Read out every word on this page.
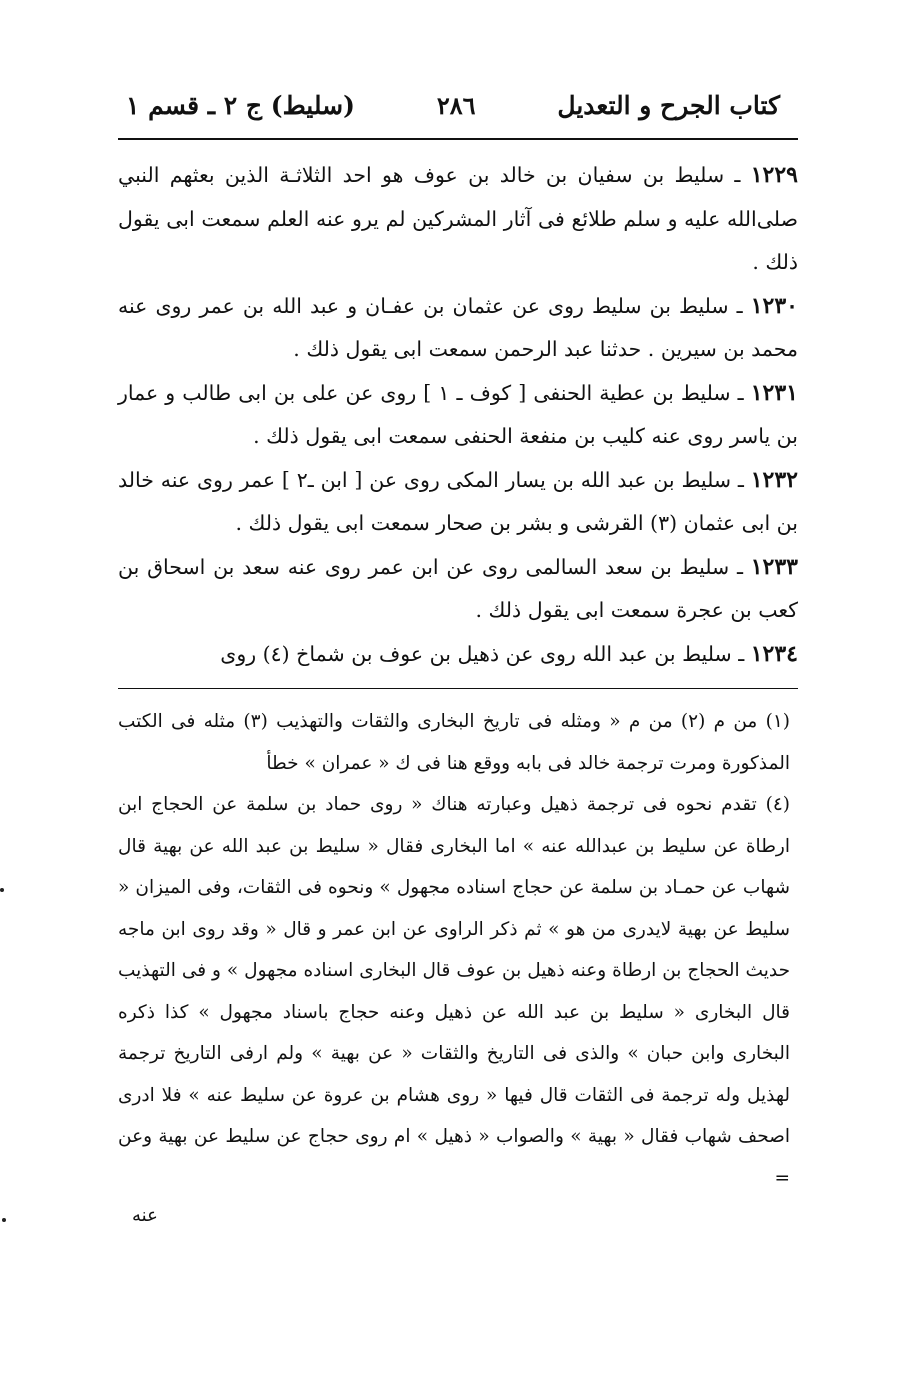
كتاب الجرح و التعديل
٢٨٦
(سليط) ج ٢ ـ قسم ١

١٢٢٩ ـ سليط بن سفيان بن خالد بن عوف هو احد الثلاثـة الذين بعثهم النبي صلى‌الله عليه و سلم طلائع فى آثار المشركين لم يرو عنه العلم سمعت ابى يقول ذلك .

١٢٣٠ ـ سليط بن سليط روى عن عثمان بن عفـان و عبد الله بن عمر روى عنه محمد بن سيرين . حدثنا عبد الرحمن سمعت ابى يقول ذلك .

١٢٣١ ـ سليط بن عطية الحنفى [ كوف ـ ١ ] روى عن على بن ابى طالب و عمار بن ياسر روى عنه كليب بن منفعة الحنفى سمعت ابى يقول ذلك .

١٢٣٢ ـ سليط بن عبد الله بن يسار المكى روى عن [ ابن ـ٢ ] عمر روى عنه خالد بن ابى عثمان (٣) القرشى و بشر بن صحار سمعت ابى يقول ذلك .

١٢٣٣ ـ سليط بن سعد السالمى روى عن ابن عمر روى عنه سعد بن اسحاق بن كعب بن عجرة سمعت ابى يقول ذلك .

١٢٣٤ ـ سليط بن عبد الله روى عن ذهيل بن عوف بن شماخ (٤) روى

(١) من م (٢) من م « ومثله فى تاريخ البخارى والثقات والتهذيب (٣) مثله فى الكتب المذكورة ومرت ترجمة خالد فى بابه ووقع هنا فى ك « عمران » خطأ

(٤) تقدم نحوه فى ترجمة ذهيل وعبارته هناك « روى حماد بن سلمة عن الحجاج ابن ارطاة عن سليط بن عبدالله عنه » اما البخارى فقال « سليط بن عبد الله عن بهية قال شهاب عن حمـاد بن سلمة عن حجاج اسناده مجهول » ونحوه فى الثقات، وفى الميزان « سليط عن بهية لايدرى من هو » ثم ذكر الراوى عن ابن عمر و قال « وقد روى ابن ماجه حديث الحجاج بن ارطاة وعنه ذهيل بن عوف قال البخارى اسناده مجهول » و فى التهذيب قال البخارى « سليط بن عبد الله عن ذهيل وعنه حجاج باسناد مجهول » كذا ذكره البخارى وابن حبان » والذى فى التاريخ والثقات « عن بهية » ولم ارفى التاريخ ترجمة لهذيل وله ترجمة فى الثقات قال فيها « روى هشام بن عروة عن سليط عنه » فلا ادرى اصحف شهاب فقال « بهية » والصواب « ذهيل » ام روى حجاج عن سليط عن بهية وعن =

عنه
